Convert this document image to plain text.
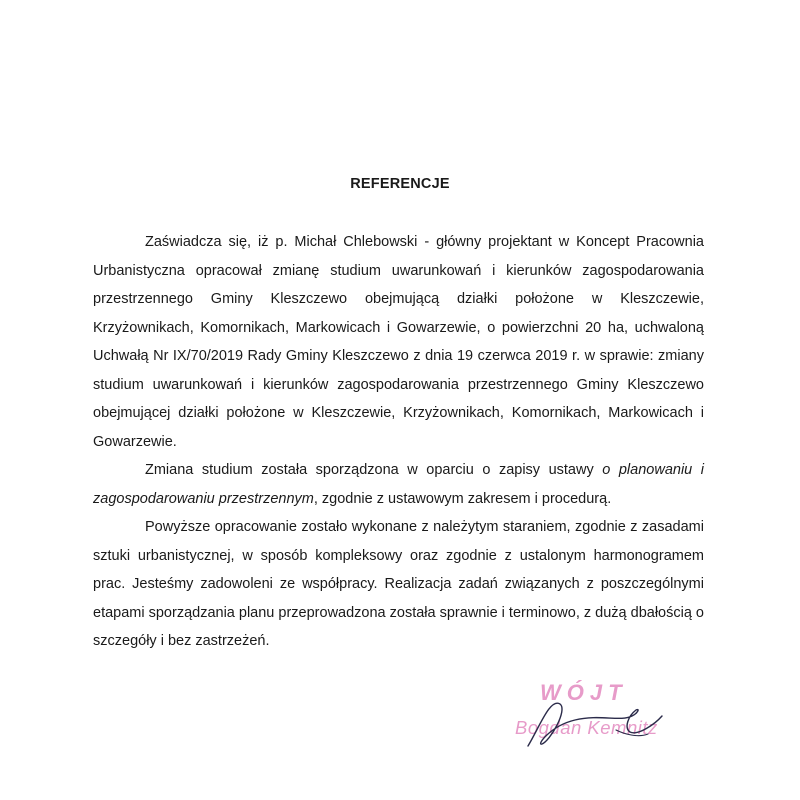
REFERENCJE

Zaświadcza się, iż p. Michał Chlebowski - główny projektant w Koncept Pracownia Urbanistyczna opracował zmianę studium uwarunkowań i kierunków zagospodarowania przestrzennego Gminy Kleszczewo obejmującą działki położone w Kleszczewie, Krzyżownikach, Komornikach, Markowicach i Gowarzewie, o powierzchni 20 ha, uchwaloną Uchwałą Nr IX/70/2019 Rady Gminy Kleszczewo z dnia 19 czerwca 2019 r. w sprawie: zmiany studium uwarunkowań i kierunków zagospodarowania przestrzennego Gminy Kleszczewo obejmującej działki położone w Kleszczewie, Krzyżownikach, Komornikach, Markowicach i Gowarzewie.

Zmiana studium została sporządzona w oparciu o zapisy ustawy o planowaniu i zagospodarowaniu przestrzennym, zgodnie z ustawowym zakresem i procedurą.

Powyższe opracowanie zostało wykonane z należytym staraniem, zgodnie z zasadami sztuki urbanistycznej, w sposób kompleksowy oraz zgodnie z ustalonym harmonogramem prac. Jesteśmy zadowoleni ze współpracy. Realizacja zadań związanych z poszczególnymi etapami sporządzania planu przeprowadzona została sprawnie i terminowo, z dużą dbałością o szczegóły i bez zastrzeżeń.

WÓJT
Bogdan Kemnitz
